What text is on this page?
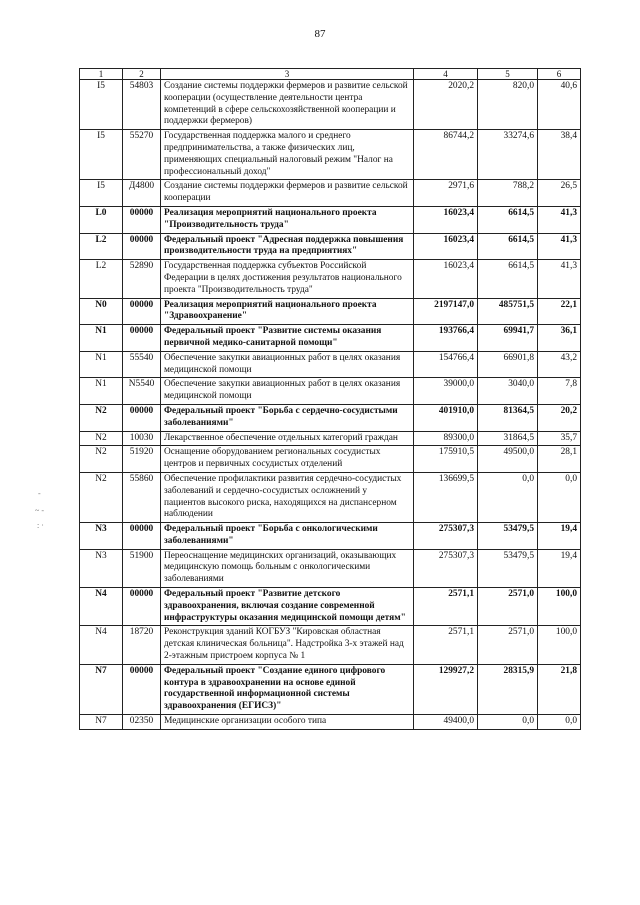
87
-
~ -
: ·
1	2	3	4	5	6
I5	54803	Создание системы поддержки фермеров и развитие сельской кооперации (осуществление деятельности центра компетенций в сфере сельскохозяйственной кооперации и поддержки фермеров)	2020,2	820,0	40,6
I5	55270	Государственная поддержка малого и среднего предпринимательства, а также физических лиц, применяющих специальный налоговый режим "Налог на профессиональный доход"	86744,2	33274,6	38,4
I5	Д4800	Создание системы поддержки фермеров и развитие сельской кооперации	2971,6	788,2	26,5
L0	00000	Реализация мероприятий национального проекта "Производительность труда"	16023,4	6614,5	41,3
L2	00000	Федеральный проект "Адресная поддержка повышения производительности труда на предприятиях"	16023,4	6614,5	41,3
L2	52890	Государственная поддержка субъектов Российской Федерации в целях достижения результатов национального проекта "Производительность труда"	16023,4	6614,5	41,3
N0	00000	Реализация мероприятий национального проекта "Здравоохранение"	2197147,0	485751,5	22,1
N1	00000	Федеральный проект "Развитие системы оказания первичной медико-санитарной помощи"	193766,4	69941,7	36,1
N1	55540	Обеспечение закупки авиационных работ в целях оказания медицинской помощи	154766,4	66901,8	43,2
N1	N5540	Обеспечение закупки авиационных работ в целях оказания медицинской помощи	39000,0	3040,0	7,8
N2	00000	Федеральный проект "Борьба с сердечно-сосудистыми заболеваниями"	401910,0	81364,5	20,2
N2	10030	Лекарственное обеспечение отдельных категорий граждан	89300,0	31864,5	35,7
N2	51920	Оснащение оборудованием региональных сосудистых центров и первичных сосудистых отделений	175910,5	49500,0	28,1
N2	55860	Обеспечение профилактики развития сердечно-сосудистых заболеваний и сердечно-сосудистых осложнений у пациентов высокого риска, находящихся на диспансерном наблюдении	136699,5	0,0	0,0
N3	00000	Федеральный проект "Борьба с онкологическими заболеваниями"	275307,3	53479,5	19,4
N3	51900	Переоснащение медицинских организаций, оказывающих медицинскую помощь больным с онкологическими заболеваниями	275307,3	53479,5	19,4
N4	00000	Федеральный проект "Развитие детского здравоохранения, включая создание современной инфраструктуры оказания медицинской помощи детям"	2571,1	2571,0	100,0
N4	18720	Реконструкция зданий КОГБУЗ "Кировская областная детская клиническая больница". Надстройка 3-х этажей над 2-этажным пристроем корпуса № 1	2571,1	2571,0	100,0
N7	00000	Федеральный проект "Создание единого цифрового контура в здравоохранении на основе единой государственной информационной системы здравоохранения (ЕГИСЗ)"	129927,2	28315,9	21,8
N7	02350	Медицинские организации особого типа	49400,0	0,0	0,0
